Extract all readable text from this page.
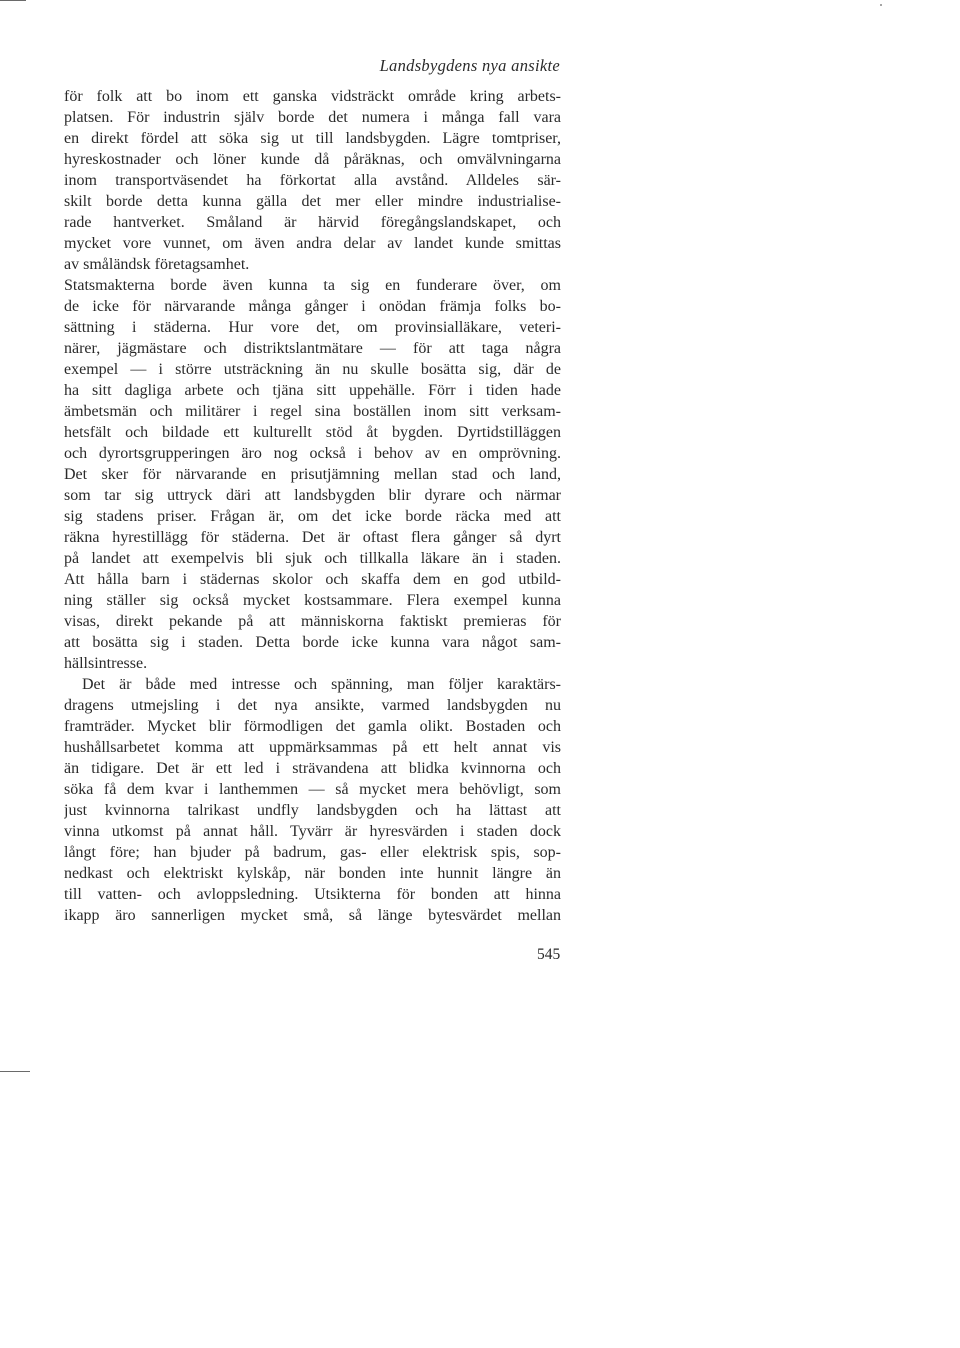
Landsbygdens nya ansikte
för folk att bo inom ett ganska vidsträckt område kring arbets-
platsen. För industrin själv borde det numera i många fall vara
en direkt fördel att söka sig ut till landsbygden. Lägre tomtpriser,
hyreskostnader och löner kunde då påräknas, och omvälvningarna
inom transportväsendet ha förkortat alla avstånd. Alldeles sär-
skilt borde detta kunna gälla det mer eller mindre industrialise-
rade hantverket. Småland är härvid föregångslandskapet, och
mycket vore vunnet, om även andra delar av landet kunde smittas
av småländsk företagsamhet.
Statsmakterna borde även kunna ta sig en funderare över, om
de icke för närvarande många gånger i onödan främja folks bo-
sättning i städerna. Hur vore det, om provinsialläkare, veteri-
närer, jägmästare och distriktslantmätare — för att taga några
exempel — i större utsträckning än nu skulle bosätta sig, där de
ha sitt dagliga arbete och tjäna sitt uppehälle. Förr i tiden hade
ämbetsmän och militärer i regel sina boställen inom sitt verksam-
hetsfält och bildade ett kulturellt stöd åt bygden. Dyrtidstilläggen
och dyrortsgrupperingen äro nog också i behov av en omprövning.
Det sker för närvarande en prisutjämning mellan stad och land,
som tar sig uttryck däri att landsbygden blir dyrare och närmar
sig stadens priser. Frågan är, om det icke borde räcka med att
räkna hyrestillägg för städerna. Det är oftast flera gånger så dyrt
på landet att exempelvis bli sjuk och tillkalla läkare än i staden.
Att hålla barn i städernas skolor och skaffa dem en god utbild-
ning ställer sig också mycket kostsammare. Flera exempel kunna
visas, direkt pekande på att människorna faktiskt premieras för
att bosätta sig i staden. Detta borde icke kunna vara något sam-
hällsintresse.
Det är både med intresse och spänning, man följer karaktärs-
dragens utmejsling i det nya ansikte, varmed landsbygden nu
framträder. Mycket blir förmodligen det gamla olikt. Bostaden och
hushållsarbetet komma att uppmärksammas på ett helt annat vis
än tidigare. Det är ett led i strävandena att blidka kvinnorna och
söka få dem kvar i lanthemmen — så mycket mera behövligt, som
just kvinnorna talrikast undfly landsbygden och ha lättast att
vinna utkomst på annat håll. Tyvärr är hyresvärden i staden dock
långt före; han bjuder på badrum, gas- eller elektrisk spis, sop-
nedkast och elektriskt kylskåp, när bonden inte hunnit längre än
till vatten- och avloppsledning. Utsikterna för bonden att hinna
ikapp äro sannerligen mycket små, så länge bytesvärdet mellan
545
